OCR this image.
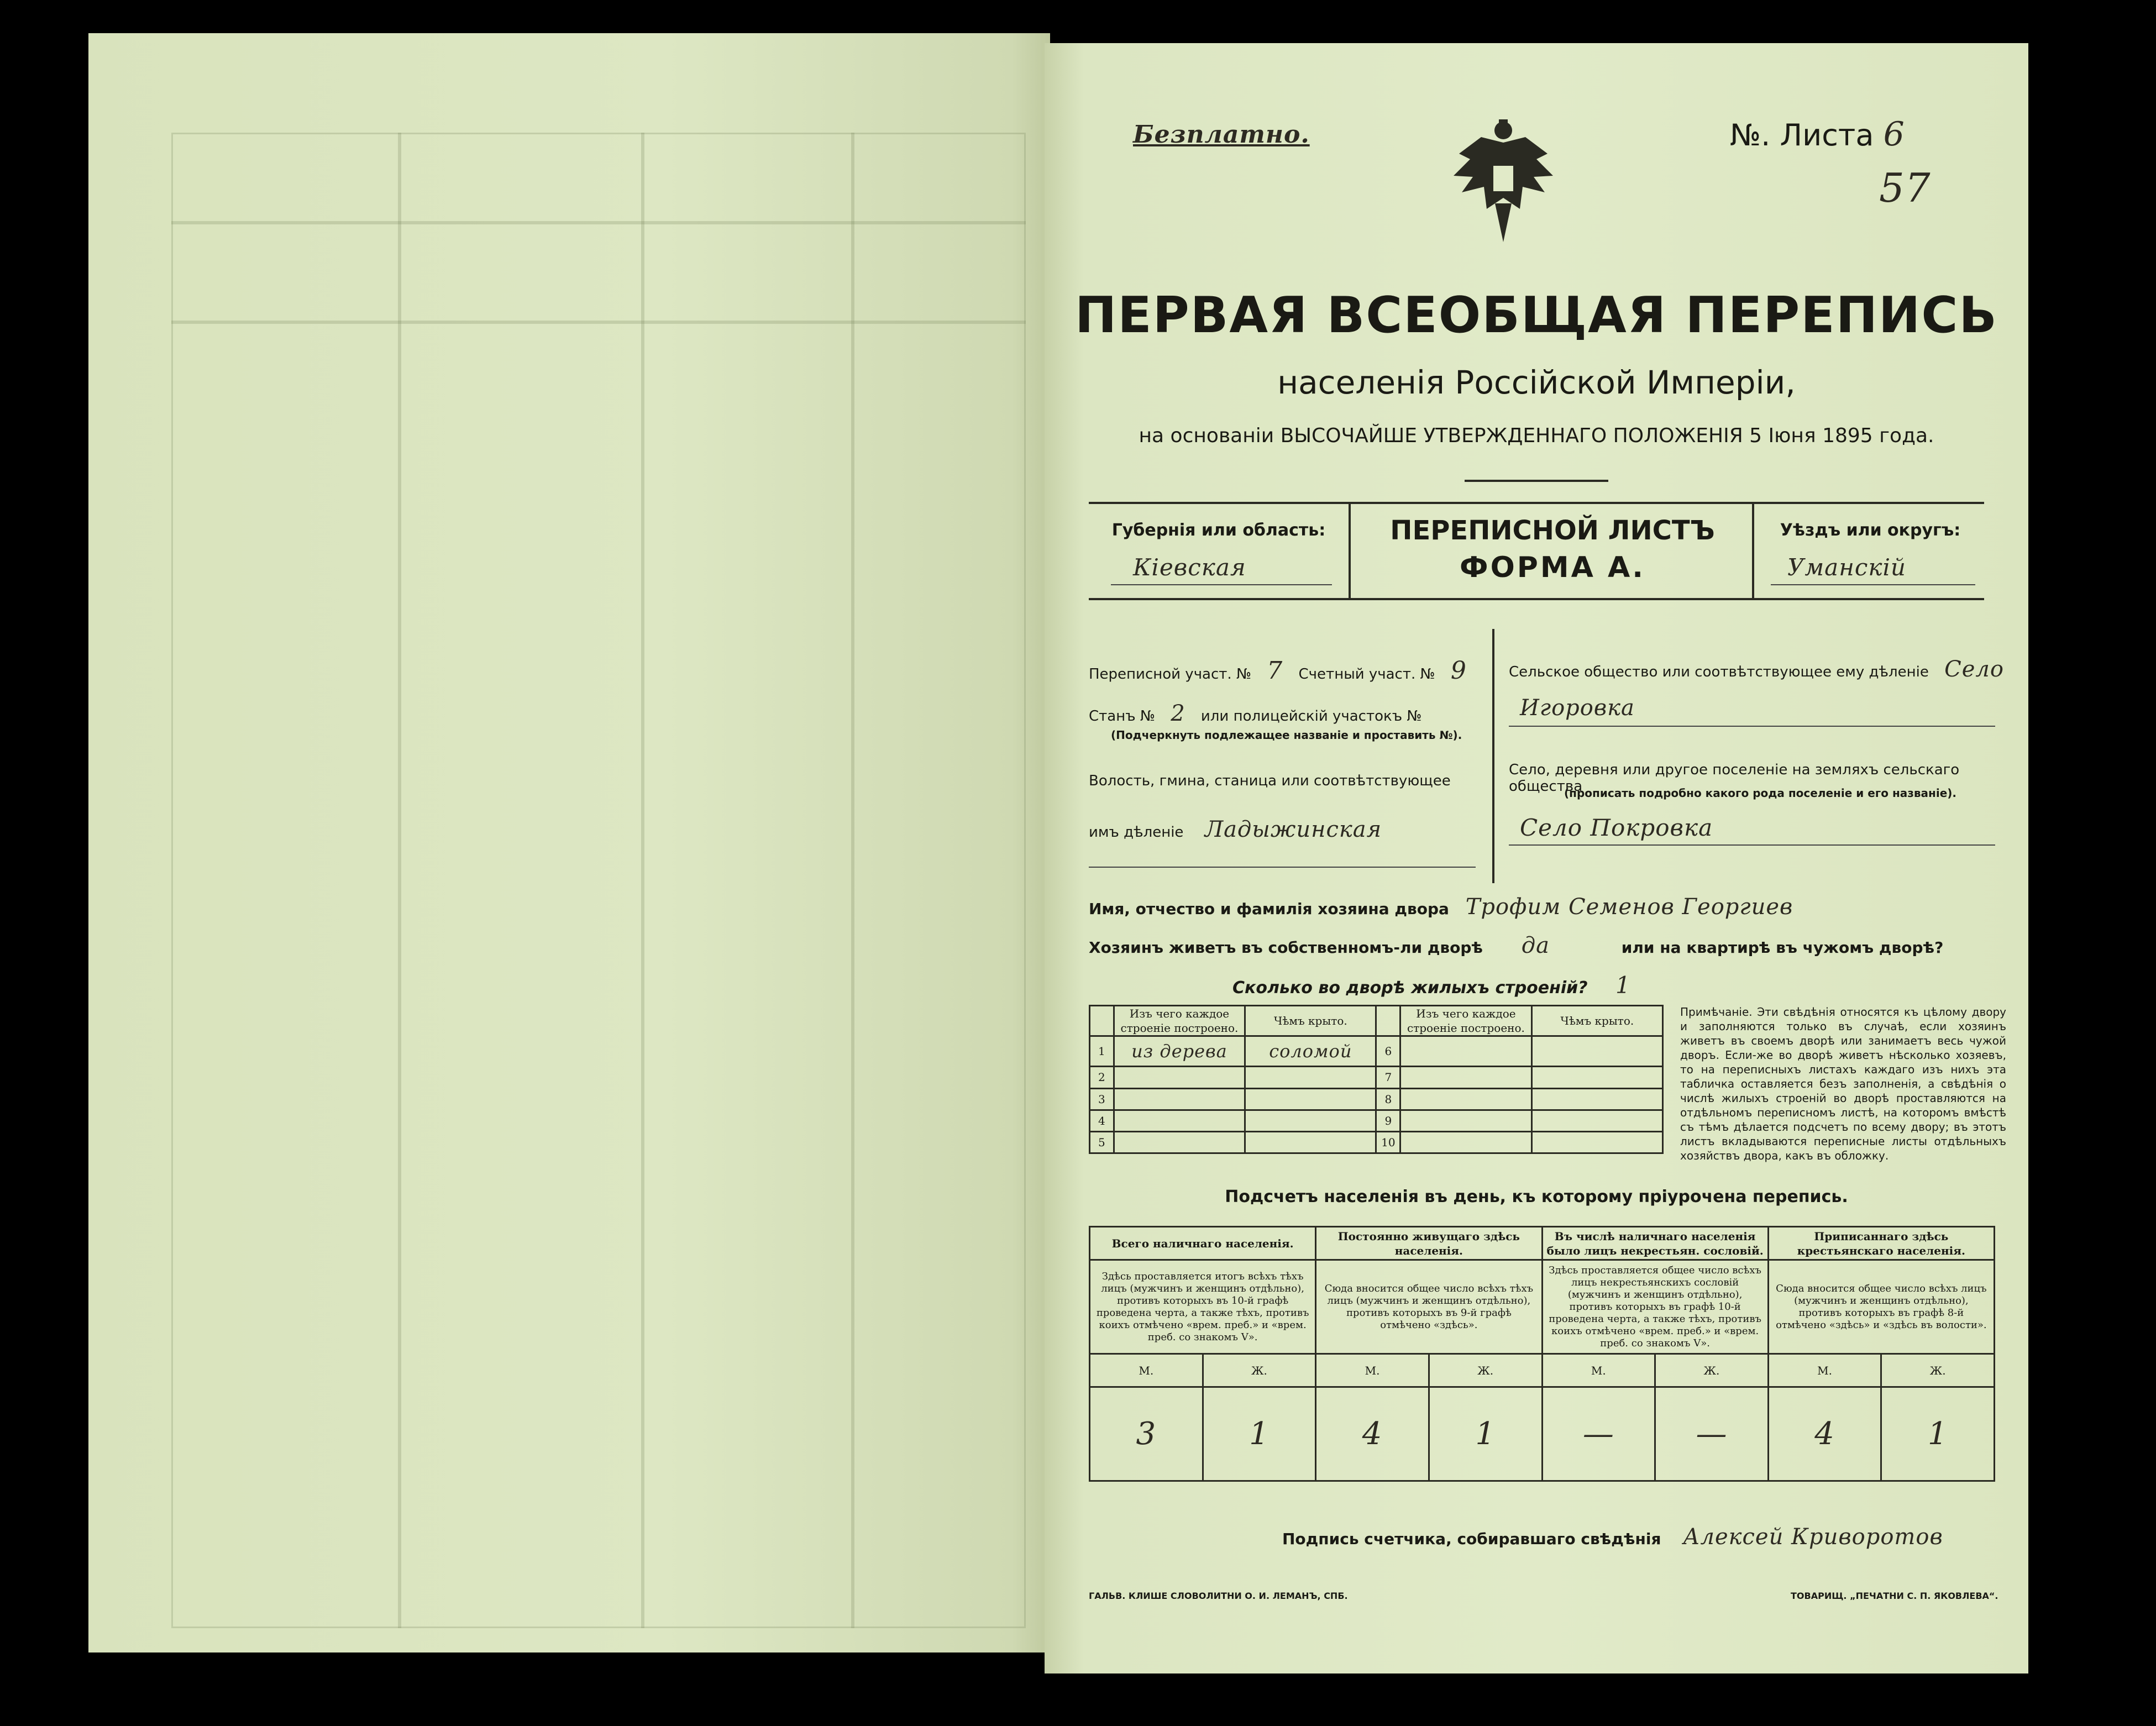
Безплатно.	№. Листа 6
57
ПЕРВАЯ ВСЕОБЩАЯ ПЕРЕПИСЬ
населенія Россійской Имперіи,
на основаніи ВЫСОЧАЙШЕ УТВЕРЖДЕННАГО ПОЛОЖЕНІЯ 5 Іюня 1895 года.
Губернія или область:
Кіевская
ПЕРЕПИСНОЙ ЛИСТЪ
ФОРМА А.
Уѣздъ или округъ:
Уманскій
Переписной участ. № 7 Счетный участ. № 9
Станъ № 2 или полицейскій участокъ №
(Подчеркнуть подлежащее названіе и проставить №).
Волость, гмина, станица или соотвѣтствующее
имъ дѣленіе Ладыжинская
Сельское общество или соотвѣтствующее ему дѣленіе Село
Игоровка
Село, деревня или другое поселеніе на земляхъ сельскаго общества
(прописать подробно какого рода поселеніе и его названіе).
Село Покровка
Имя, отчество и фамилія хозяина двора Трофим Семенов Георгиев
Хозяинъ живетъ въ собственномъ-ли дворѣ да	или на квартирѣ въ чужомъ дворѣ?
Сколько во дворѣ жилыхъ строеній? 1
	Изъ чего каждое строеніе построено.	Чѣмъ крыто.		Изъ чего каждое строеніе построено.	Чѣмъ крыто.
1	из дерева	соломой	6		
2			7		
3			8		
4			9		
5			10		
Примѣчаніе. Эти свѣдѣнія относятся къ цѣлому двору и заполняются только въ случаѣ, если хозяинъ живетъ въ своемъ дворѣ или занимаетъ весь чужой дворъ. Если-же во дворѣ живетъ нѣсколько хозяевъ, то на переписныхъ листахъ каждаго изъ нихъ эта табличка оставляется безъ заполненія, а свѣдѣнія о числѣ жилыхъ строеній во дворѣ проставляются на отдѣльномъ переписномъ листѣ, на которомъ вмѣстѣ съ тѣмъ дѣлается подсчетъ по всему двору; въ этотъ листъ вкладываются переписные листы отдѣльныхъ хозяйствъ двора, какъ въ обложку.
Подсчетъ населенія въ день, къ которому пріурочена перепись.
Всего наличнаго населенія.		Постоянно живущаго здѣсь населенія.		Въ числѣ наличнаго населенія было лицъ некрестьян. сословій.		Приписаннаго здѣсь крестьянскаго населенія.	
Здѣсь проставляется итогъ всѣхъ тѣхъ лицъ (мужчинъ и женщинъ отдѣльно), противъ которыхъ въ 10-й графѣ проведена черта, а также тѣхъ, противъ коихъ отмѣчено «врем. преб.» и «врем. преб. со знакомъ V».		Сюда вносится общее число всѣхъ тѣхъ лицъ (мужчинъ и женщинъ отдѣльно), противъ которыхъ въ 9-й графѣ отмѣчено «здѣсь».		Здѣсь проставляется общее число всѣхъ лицъ некрестьянскихъ сословій (мужчинъ и женщинъ отдѣльно), противъ которыхъ въ графѣ 10-й проведена черта, а также тѣхъ, противъ коихъ отмѣчено «врем. преб.» и «врем. преб. со знакомъ V».		Сюда вносится общее число всѣхъ лицъ (мужчинъ и женщинъ отдѣльно), противъ которыхъ въ графѣ 8-й отмѣчено «здѣсь» и «здѣсь въ волости».	
М.	Ж.	М.	Ж.	М.	Ж.	М.	Ж.
3	1	4	1	—	—	4	1
Подпись счетчика, собиравшаго свѣдѣнія Алексей Криворотов
ГАЛЬВ. КЛИШЕ СЛОВОЛИТНИ О. И. ЛЕМАНЪ, СПБ.	ТОВАРИЩ. „ПЕЧАТНИ С. П. ЯКОВЛЕВА“.
